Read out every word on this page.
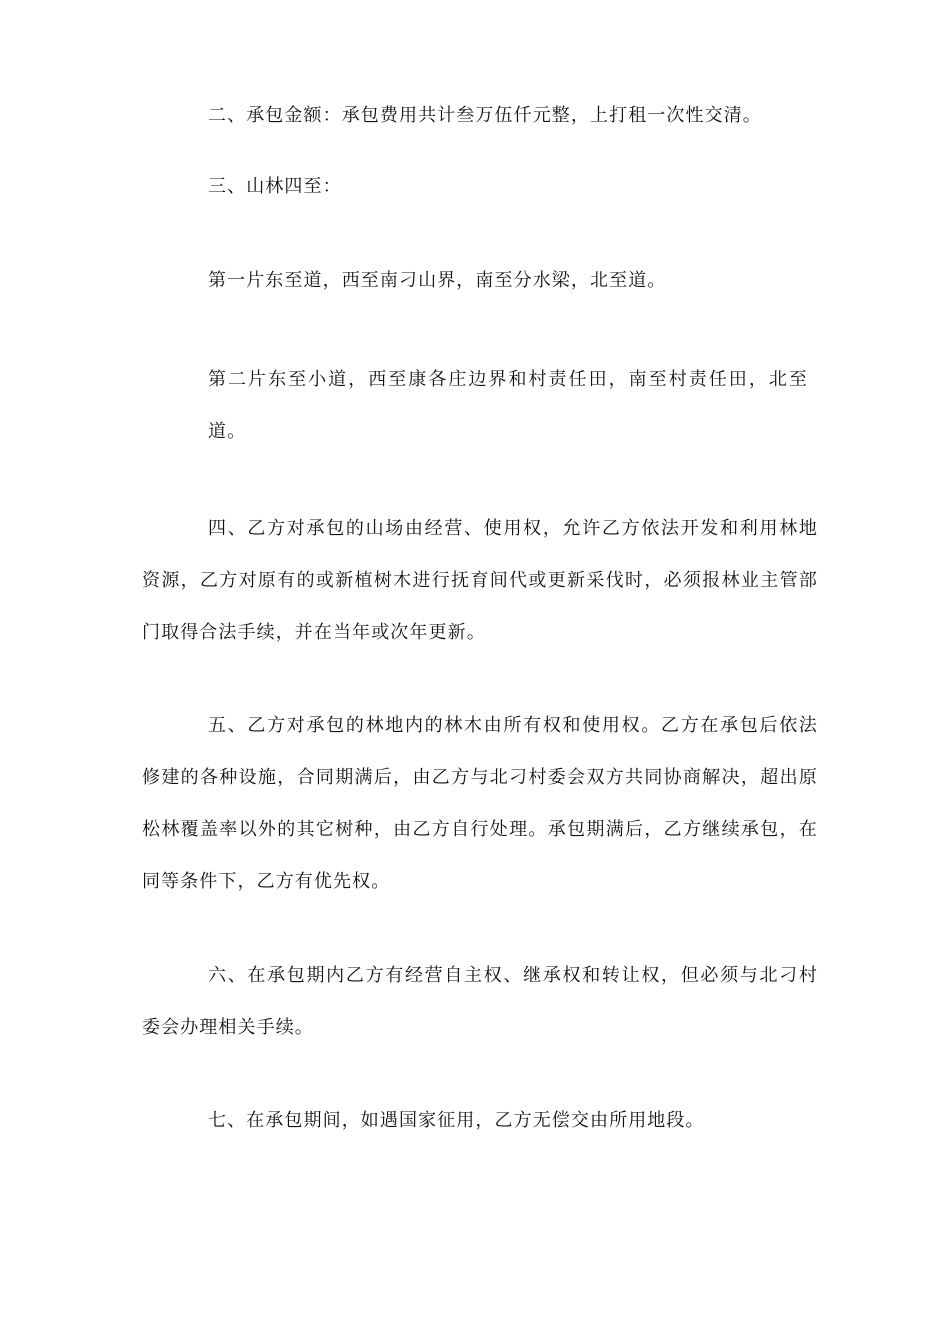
二、承包金额：承包费用共计叁万伍仟元整，上打租一次性交清。

三、山林四至：

第一片东至道，西至南刁山界，南至分水梁，北至道。

第二片东至小道，西至康各庄边界和村责任田，南至村责任田，北至道。

四、乙方对承包的山场由经营、使用权，允许乙方依法开发和利用林地资源，乙方对原有的或新植树木进行抚育间代或更新采伐时，必须报林业主管部门取得合法手续，并在当年或次年更新。

五、乙方对承包的林地内的林木由所有权和使用权。乙方在承包后依法修建的各种设施，合同期满后，由乙方与北刁村委会双方共同协商解决，超出原松林覆盖率以外的其它树种，由乙方自行处理。承包期满后，乙方继续承包，在同等条件下，乙方有优先权。

六、在承包期内乙方有经营自主权、继承权和转让权，但必须与北刁村委会办理相关手续。

七、在承包期间，如遇国家征用，乙方无偿交由所用地段。
